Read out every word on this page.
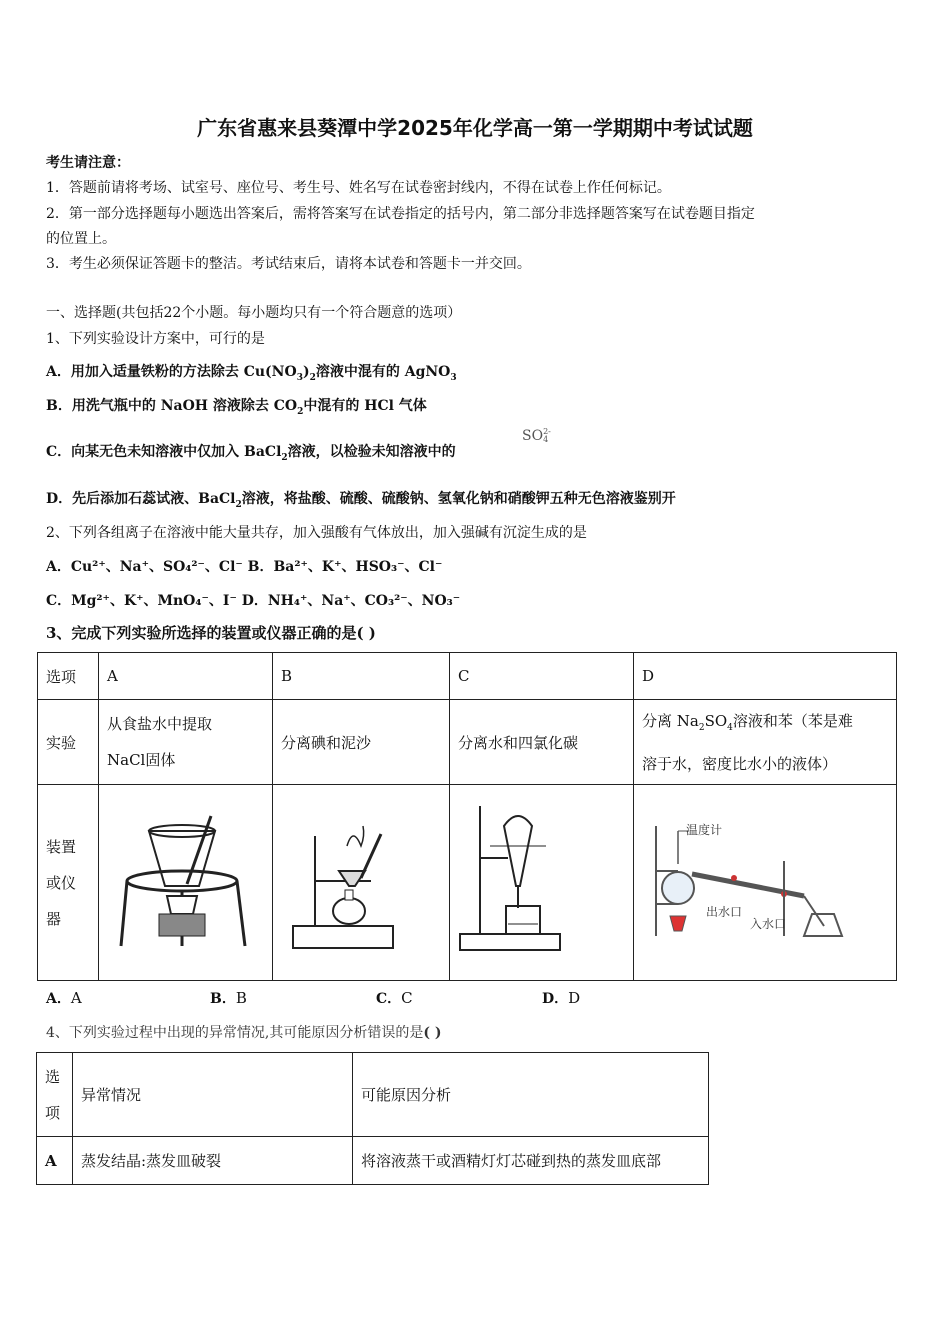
广东省惠来县葵潭中学2025年化学高一第一学期期中考试试题
考生请注意：
1．答题前请将考场、试室号、座位号、考生号、姓名写在试卷密封线内，不得在试卷上作任何标记。
2．第一部分选择题每小题选出答案后，需将答案写在试卷指定的括号内，第二部分非选择题答案写在试卷题目指定
的位置上。
3．考生必须保证答题卡的整洁。考试结束后，请将本试卷和答题卡一并交回。
一、选择题(共包括22个小题。每小题均只有一个符合题意的选项）
1、下列实验设计方案中，可行的是
A．用加入适量铁粉的方法除去 $Cu(NO_3)_2$溶液中混有的 AgNO$_3$
B．用洗气瓶中的 NaOH 溶液除去 $CO_2$中混有的 HCl 气体
C．向某无色未知溶液中仅加入 BaCl$_2$溶液，以检验未知溶液中的
SO2-
4
D．先后添加石蕊试液、BaCl$_2$溶液，将盐酸、硫酸、硫酸钠、氢氧化钠和硝酸钾五种无色溶液鉴别开
2、下列各组离子在溶液中能大量共存，加入强酸有气体放出，加入强碱有沉淀生成的是
A．Cu²⁺、Na⁺、SO₄²⁻、Cl⁻ B．Ba²⁺、K⁺、HSO₃⁻、Cl⁻
C．Mg²⁺、K⁺、MnO₄⁻、I⁻ D．NH₄⁺、Na⁺、CO₃²⁻、NO₃⁻
3、完成下列实验所选择的装置或仪器正确的是( )
选项	A	B	C	D
实验	从食盐水中提取
NaCl固体	分离碘和泥沙	分离水和四氯化碳	分离 $Na_2SO_4$溶液和苯（苯是难
溶于水，密度比水小的液体）
装置
或仪
器				温度计
出水口
入水口
A．A	B．B	C．C	D．D
4、下列实验过程中出现的异常情况,其可能原因分析错误的是( )
选
项	异常情况	可能原因分析
A	蒸发结晶:蒸发皿破裂	将溶液蒸干或酒精灯灯芯碰到热的蒸发皿底部
